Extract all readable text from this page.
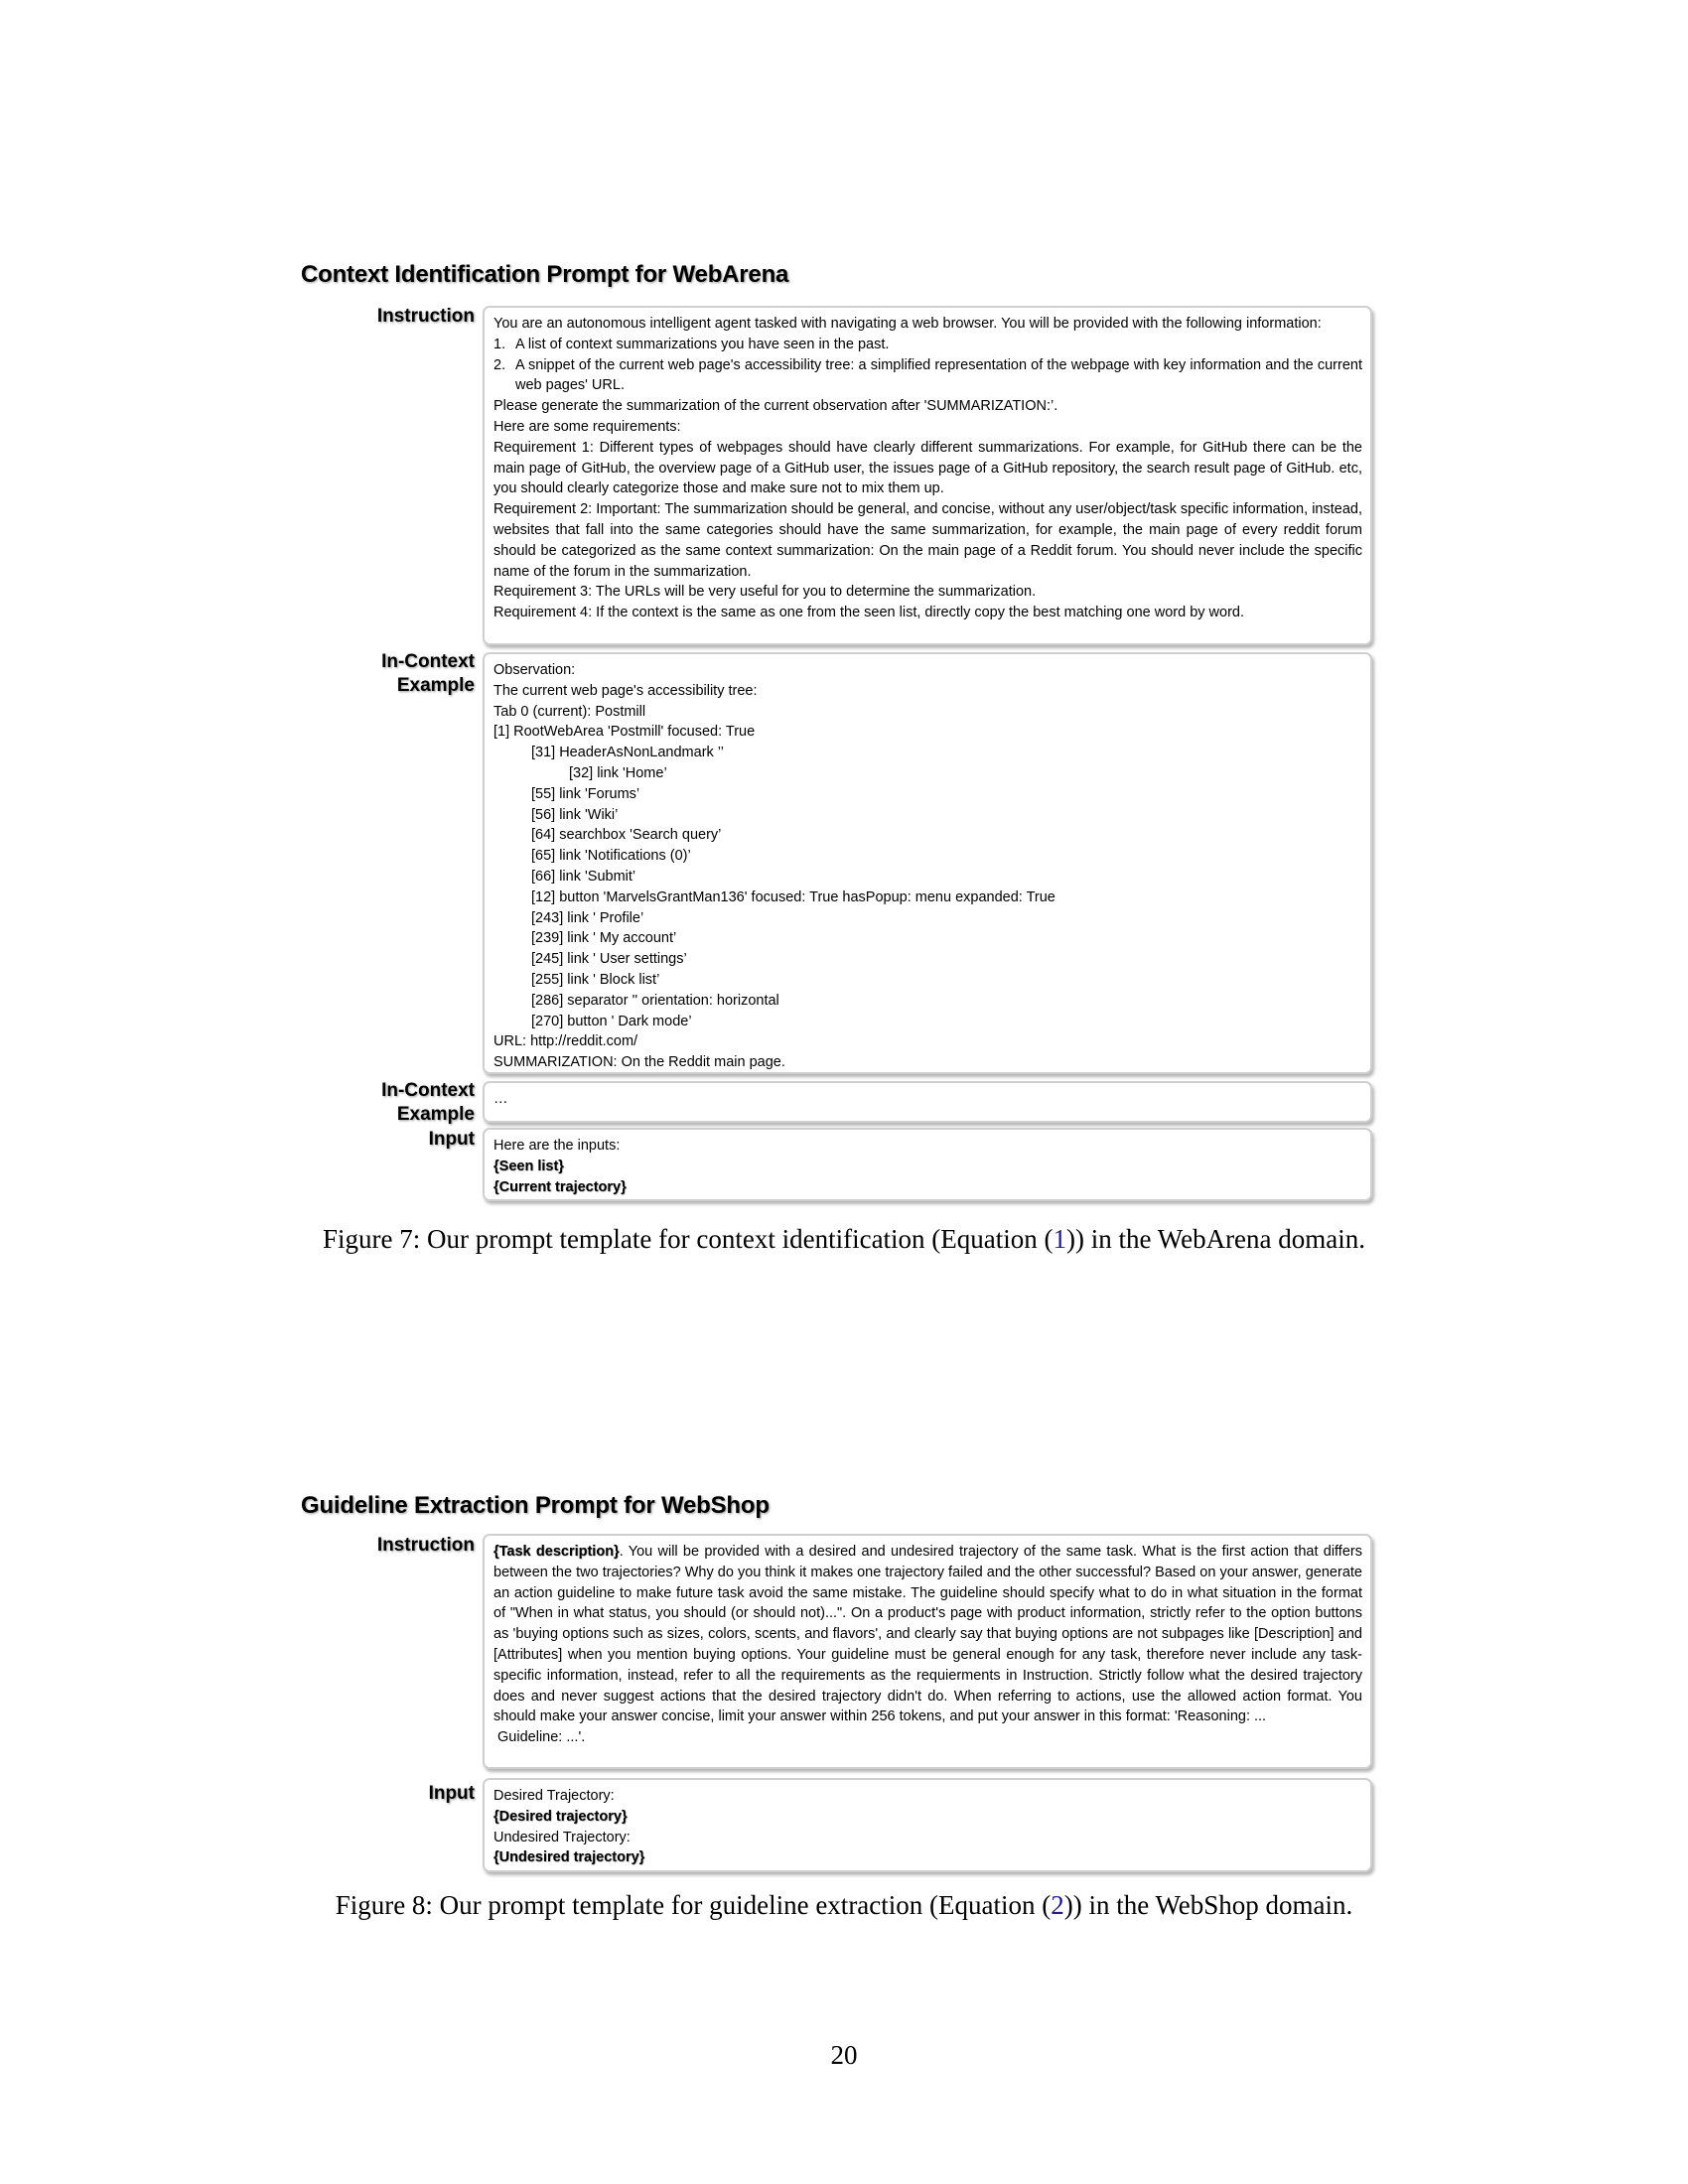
Context Identification Prompt for WebArena
Instruction You are an autonomous intelligent agent tasked with navigating a web browser. You will be provided with the following information:
1. A list of context summarizations you have seen in the past.
2. A snippet of the current web page's accessibility tree: a simplified representation of the webpage with key information and the current web pages' URL.
Please generate the summarization of the current observation after 'SUMMARIZATION:’.
Here are some requirements:
Requirement 1: Different types of webpages should have clearly different summarizations. For example, for GitHub there can be the main page of GitHub, the overview page of a GitHub user, the issues page of a GitHub repository, the search result page of GitHub. etc, you should clearly categorize those and make sure not to mix them up.
Requirement 2: Important: The summarization should be general, and concise, without any user/object/task specific information, instead, websites that fall into the same categories should have the same summarization, for example, the main page of every reddit forum should be categorized as the same context summarization: On the main page of a Reddit forum. You should never include the specific name of the forum in the summarization.
Requirement 3: The URLs will be very useful for you to determine the summarization.
Requirement 4: If the context is the same as one from the seen list, directly copy the best matching one word by word.
In-Context Example
Observation:
The current web page's accessibility tree:
Tab 0 (current): Postmill
[1] RootWebArea 'Postmill' focused: True
[31] HeaderAsNonLandmark ’’
[32] link 'Home’
[55] link 'Forums’
[56] link 'Wiki’
[64] searchbox 'Search query’
[65] link 'Notifications (0)’
[66] link 'Submit’
[12] button 'MarvelsGrantMan136' focused: True hasPopup: menu expanded: True
[243] link ' Profile’
[239] link ' My account’
[245] link ' User settings’
[255] link ' Block list’
[286] separator '' orientation: horizontal
[270] button ' Dark mode’
URL: http://reddit.com/
SUMMARIZATION: On the Reddit main page.
In-Context Example
…
Input Here are the inputs:
{Seen list}
{Current trajectory}
Figure 7: Our prompt template for context identification (Equation (1)) in the WebArena domain.
Guideline Extraction Prompt for WebShop
Instruction {Task description}. You will be provided with a desired and undesired trajectory of the same task. What is the first action that differs between the two trajectories? Why do you think it makes one trajectory failed and the other successful? Based on your answer, generate an action guideline to make future task avoid the same mistake. The guideline should specify what to do in what situation in the format of "When in what status, you should (or should not)...". On a product's page with product information, strictly refer to the option buttons as 'buying options such as sizes, colors, scents, and flavors', and clearly say that buying options are not subpages like [Description] and [Attributes] when you mention buying options. Your guideline must be general enough for any task, therefore never include any task-specific information, instead, refer to all the requirements as the requierments in Instruction. Strictly follow what the desired trajectory does and never suggest actions that the desired trajectory didn't do. When referring to actions, use the allowed action format. You should make your answer concise, limit your answer within 256 tokens, and put your answer in this format: 'Reasoning: ...
Guideline: ...'.
Input Desired Trajectory:
{Desired trajectory}
Undesired Trajectory:
{Undesired trajectory}
Figure 8: Our prompt template for guideline extraction (Equation (2)) in the WebShop domain.
20
